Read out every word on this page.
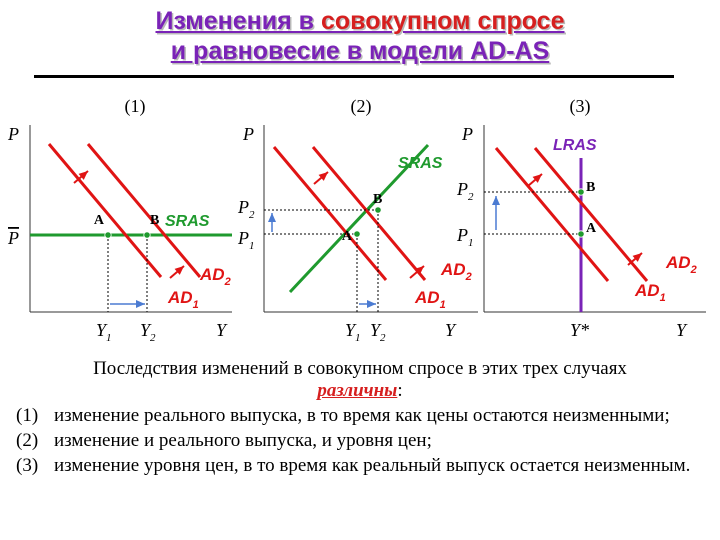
Изменения в совокупном спросе
и равновесие в модели AD-AS
(1)
P
P
SRAS
A	B
$AD_2$
$AD_1$
$Y_1$ $Y_2$	Y
(2)
P
SRAS
A
B
$P_2$
$P_1$
$AD_2$
$AD_1$
$Y_1$ $Y_2$	Y
(3)
P
LRAS
A
B
$P_2$
$P_1$
$AD_2$
$AD_1$
Y*	Y
Последствия изменений в совокупном спросе в этих трех случаях
различны:
(1) изменение реального выпуска, в то время как цены остаются неизменными;
(2) изменение и реального выпуска, и уровня цен;
(3) изменение уровня цен, в то время как реальный выпуск остается неизменным.
